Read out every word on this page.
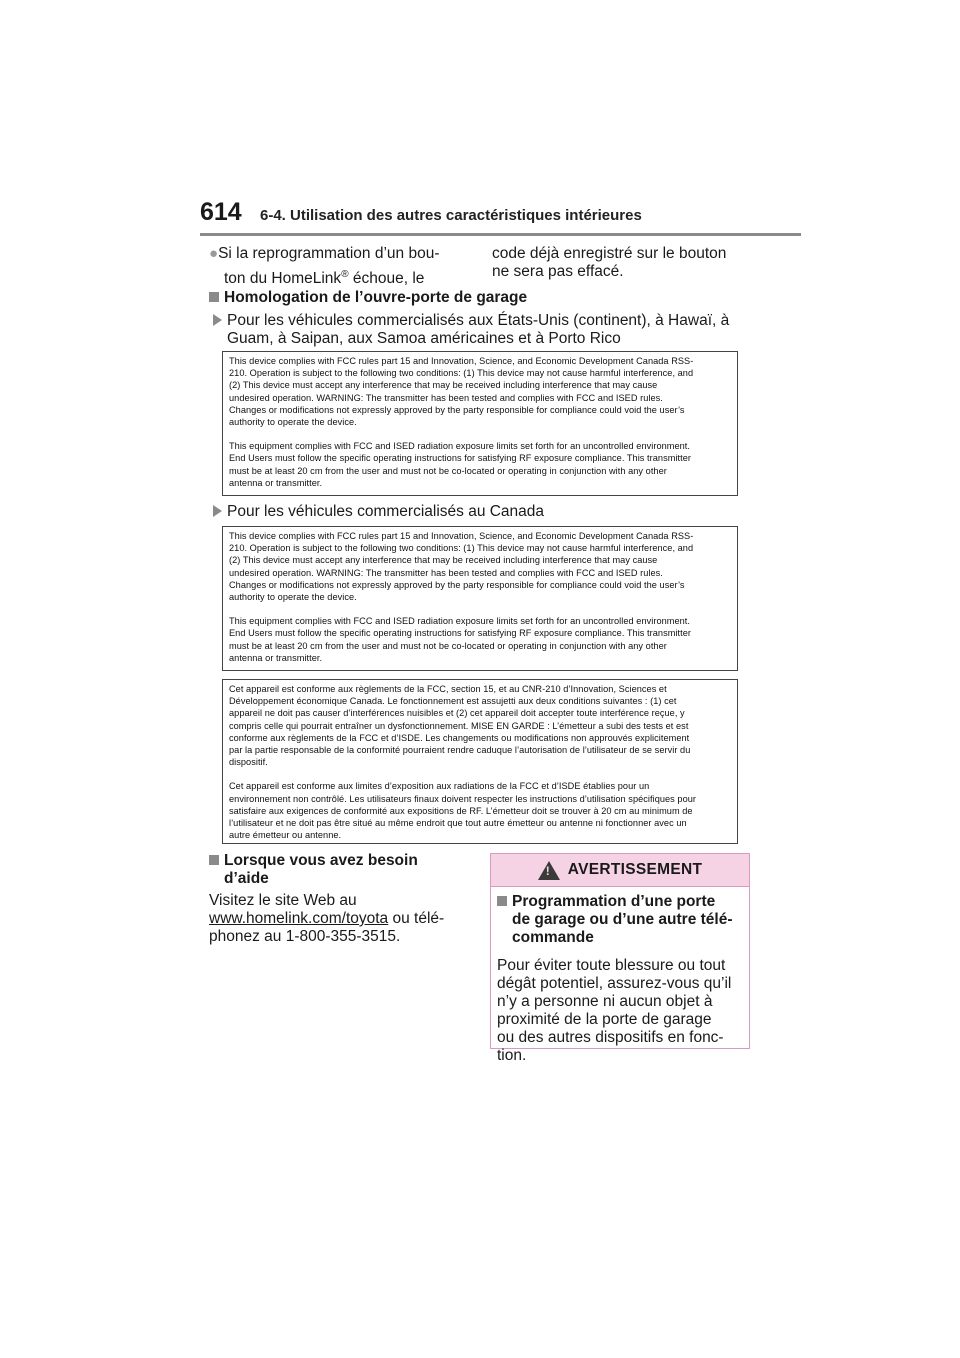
614 6-4. Utilisation des autres caractéristiques intérieures
●Si la reprogrammation d’un bou-
ton du HomeLink® échoue, le
code déjà enregistré sur le bouton
ne sera pas effacé.
Homologation de l’ouvre-porte de garage
Pour les véhicules commercialisés aux États-Unis (continent), à Hawaï, à
Guam, à Saipan, aux Samoa américaines et à Porto Rico

This device complies with FCC rules part 15 and Innovation, Science, and Economic Development Canada RSS-
210. Operation is subject to the following two conditions: (1) This device may not cause harmful interference, and
(2) This device must accept any interference that may be received including interference that may cause
undesired operation. WARNING: The transmitter has been tested and complies with FCC and ISED rules.
Changes or modifications not expressly approved by the party responsible for compliance could void the user’s
authority to operate the device.

This equipment complies with FCC and ISED radiation exposure limits set forth for an uncontrolled environment.
End Users must follow the specific operating instructions for satisfying RF exposure compliance. This transmitter
must be at least 20 cm from the user and must not be co-located or operating in conjunction with any other
antenna or transmitter.

Pour les véhicules commercialisés au Canada

This device complies with FCC rules part 15 and Innovation, Science, and Economic Development Canada RSS-
210. Operation is subject to the following two conditions: (1) This device may not cause harmful interference, and
(2) This device must accept any interference that may be received including interference that may cause
undesired operation. WARNING: The transmitter has been tested and complies with FCC and ISED rules.
Changes or modifications not expressly approved by the party responsible for compliance could void the user’s
authority to operate the device.

This equipment complies with FCC and ISED radiation exposure limits set forth for an uncontrolled environment.
End Users must follow the specific operating instructions for satisfying RF exposure compliance. This transmitter
must be at least 20 cm from the user and must not be co-located or operating in conjunction with any other
antenna or transmitter.

Cet appareil est conforme aux règlements de la FCC, section 15, et au CNR-210 d’Innovation, Sciences et
Développement économique Canada. Le fonctionnement est assujetti aux deux conditions suivantes : (1) cet
appareil ne doit pas causer d’interférences nuisibles et (2) cet appareil doit accepter toute interférence reçue, y
compris celle qui pourrait entraîner un dysfonctionnement. MISE EN GARDE : L’émetteur a subi des tests et est
conforme aux règlements de la FCC et d’ISDE. Les changements ou modifications non approuvés explicitement
par la partie responsable de la conformité pourraient rendre caduque l’autorisation de l’utilisateur de se servir du
dispositif.

Cet appareil est conforme aux limites d’exposition aux radiations de la FCC et d’ISDE établies pour un
environnement non contrôlé. Les utilisateurs finaux doivent respecter les instructions d’utilisation spécifiques pour
satisfaire aux exigences de conformité aux expositions de RF. L’émetteur doit se trouver à 20 cm au minimum de
l’utilisateur et ne doit pas être situé au même endroit que tout autre émetteur ou antenne ni fonctionner avec un
autre émetteur ou antenne.

Lorsque vous avez besoin
d’aide
Visitez le site Web au
www.homelink.com/toyota ou télé-
phonez au 1-800-355-3515.
!
AVERTISSEMENT
Programmation d’une porte
de garage ou d’une autre télé-
commande
Pour éviter toute blessure ou tout
dégât potentiel, assurez-vous qu’il
n’y a personne ni aucun objet à
proximité de la porte de garage
ou des autres dispositifs en fonc-
tion.
